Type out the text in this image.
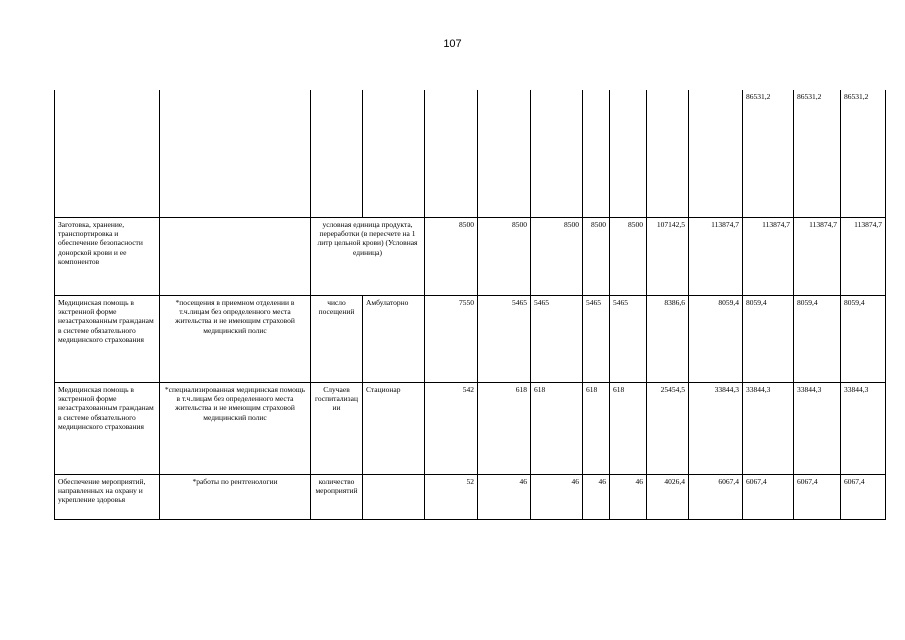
107
											86531,2	86531,2	86531,2
Заготовка, хранение, транспортировка и обеспечение безопасности донорской крови и ее компонентов		условная единица продукта, переработки (в пересчете на 1 литр цельной крови) (Условная единица)		8500	8500	8500	8500	8500	107142,5	113874,7	113874,7	113874,7	113874,7
Медицинская помощь в экстренной форме незастрахованным гражданам в системе обязательного медицинского страхования	*посещения в приемном отделении в т.ч.лицам без определенного места жительства и не имеющим страховой медицинский полис	число посещений	Амбулаторно	7550	5465	5465	5465	5465	8386,6	8059,4	8059,4	8059,4	8059,4
Медицинская помощь в экстренной форме незастрахованным гражданам в системе обязательного медицинского страхования	*специализированная медицинская помощь в т.ч.лицам без определенного места жительства и не имеющим страховой медицинский полис	Случаев госпитализации	Стационар	542	618	618	618	618	25454,5	33844,3	33844,3	33844,3	33844,3
Обеспечение мероприятий, направленных на охрану и укрепление здоровья	*работы по рентгенологии	количество мероприятий		52	46	46	46	46	4026,4	6067,4	6067,4	6067,4	6067,4
